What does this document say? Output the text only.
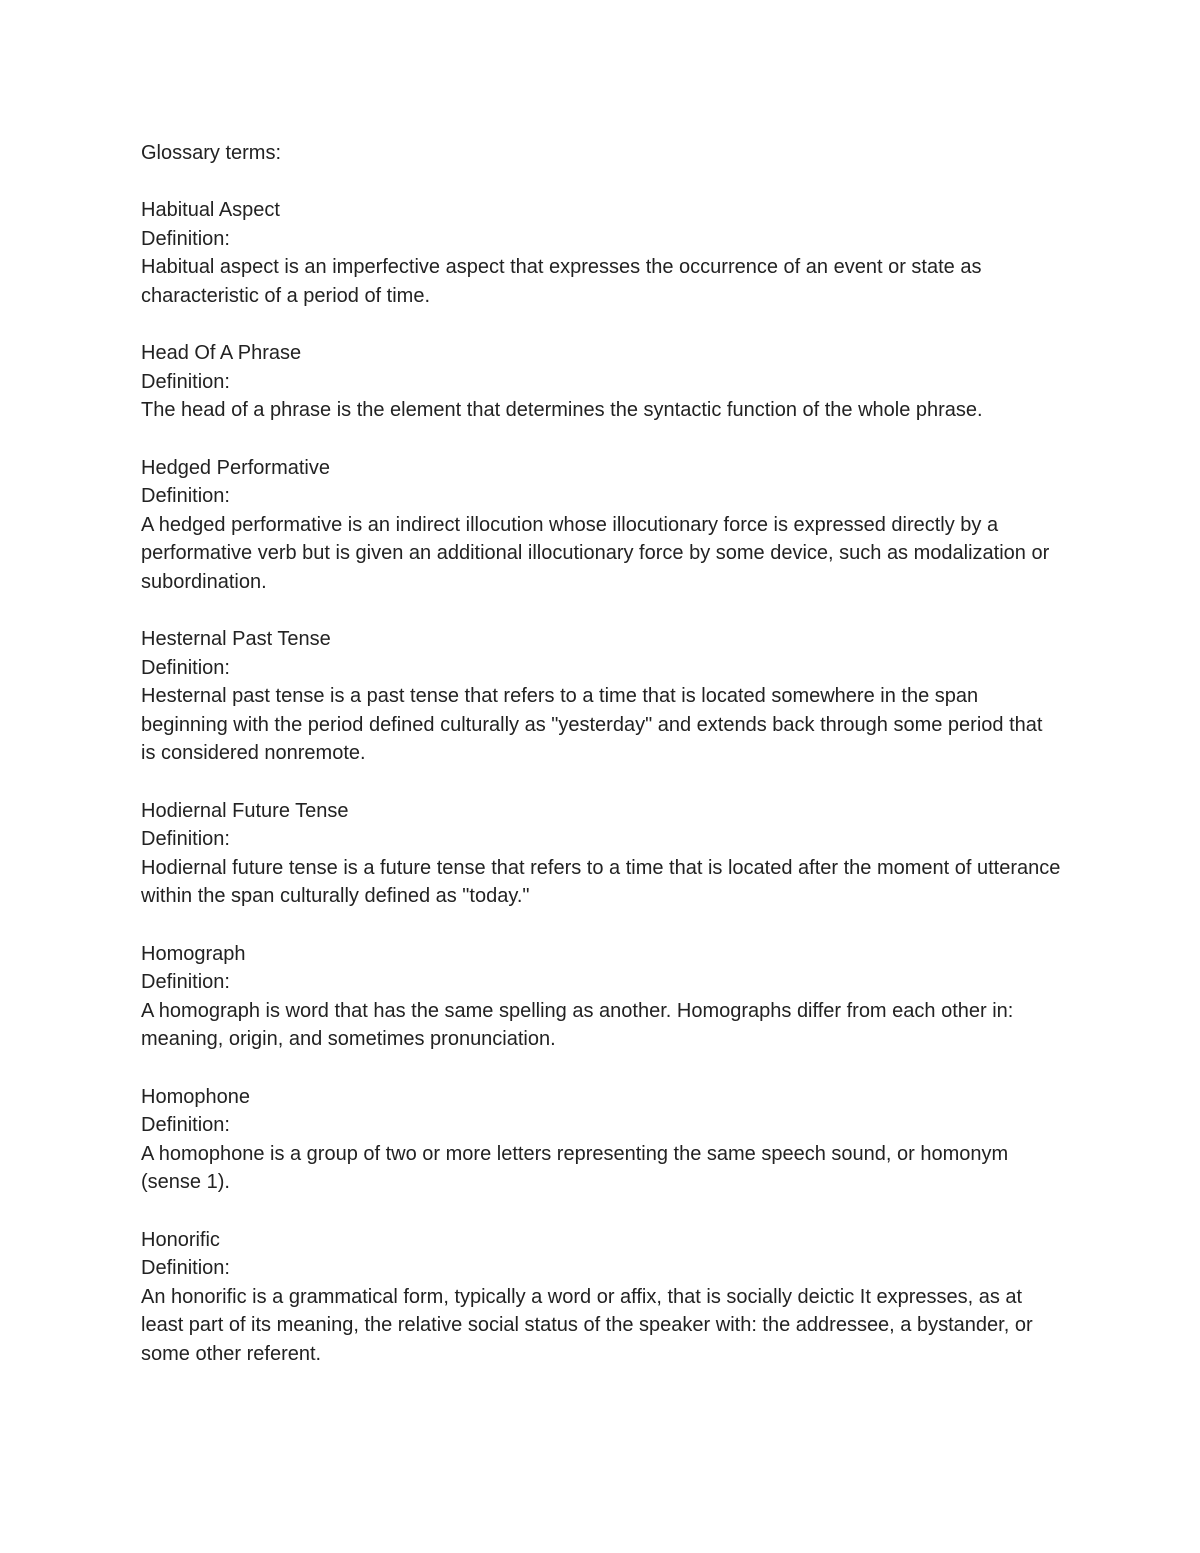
Glossary terms:
Habitual Aspect
Definition:
Habitual aspect is an imperfective aspect that expresses the occurrence of an event or state as characteristic of a period of time.
Head Of A Phrase
Definition:
The head of a phrase is the element that determines the syntactic function of the whole phrase.
Hedged Performative
Definition:
A hedged performative is an indirect illocution whose illocutionary force is expressed directly by a performative verb but is given an additional illocutionary force by some device, such as modalization or subordination.
Hesternal Past Tense
Definition:
Hesternal past tense is a past tense that refers to a time that is located somewhere in the span beginning with the period defined culturally as "yesterday" and extends back through some period that is considered nonremote.
Hodiernal Future Tense
Definition:
Hodiernal future tense is a future tense that refers to a time that is located after the moment of utterance within the span culturally defined as "today."
Homograph
Definition:
A homograph is word that has the same spelling as another. Homographs differ from each other in: meaning, origin, and sometimes pronunciation.
Homophone
Definition:
A homophone is a group of two or more letters representing the same speech sound, or homonym (sense 1).
Honorific
Definition:
An honorific is a grammatical form, typically a word or affix, that is socially deictic It expresses, as at least part of its meaning, the relative social status of the speaker with: the addressee, a bystander, or some other referent.
